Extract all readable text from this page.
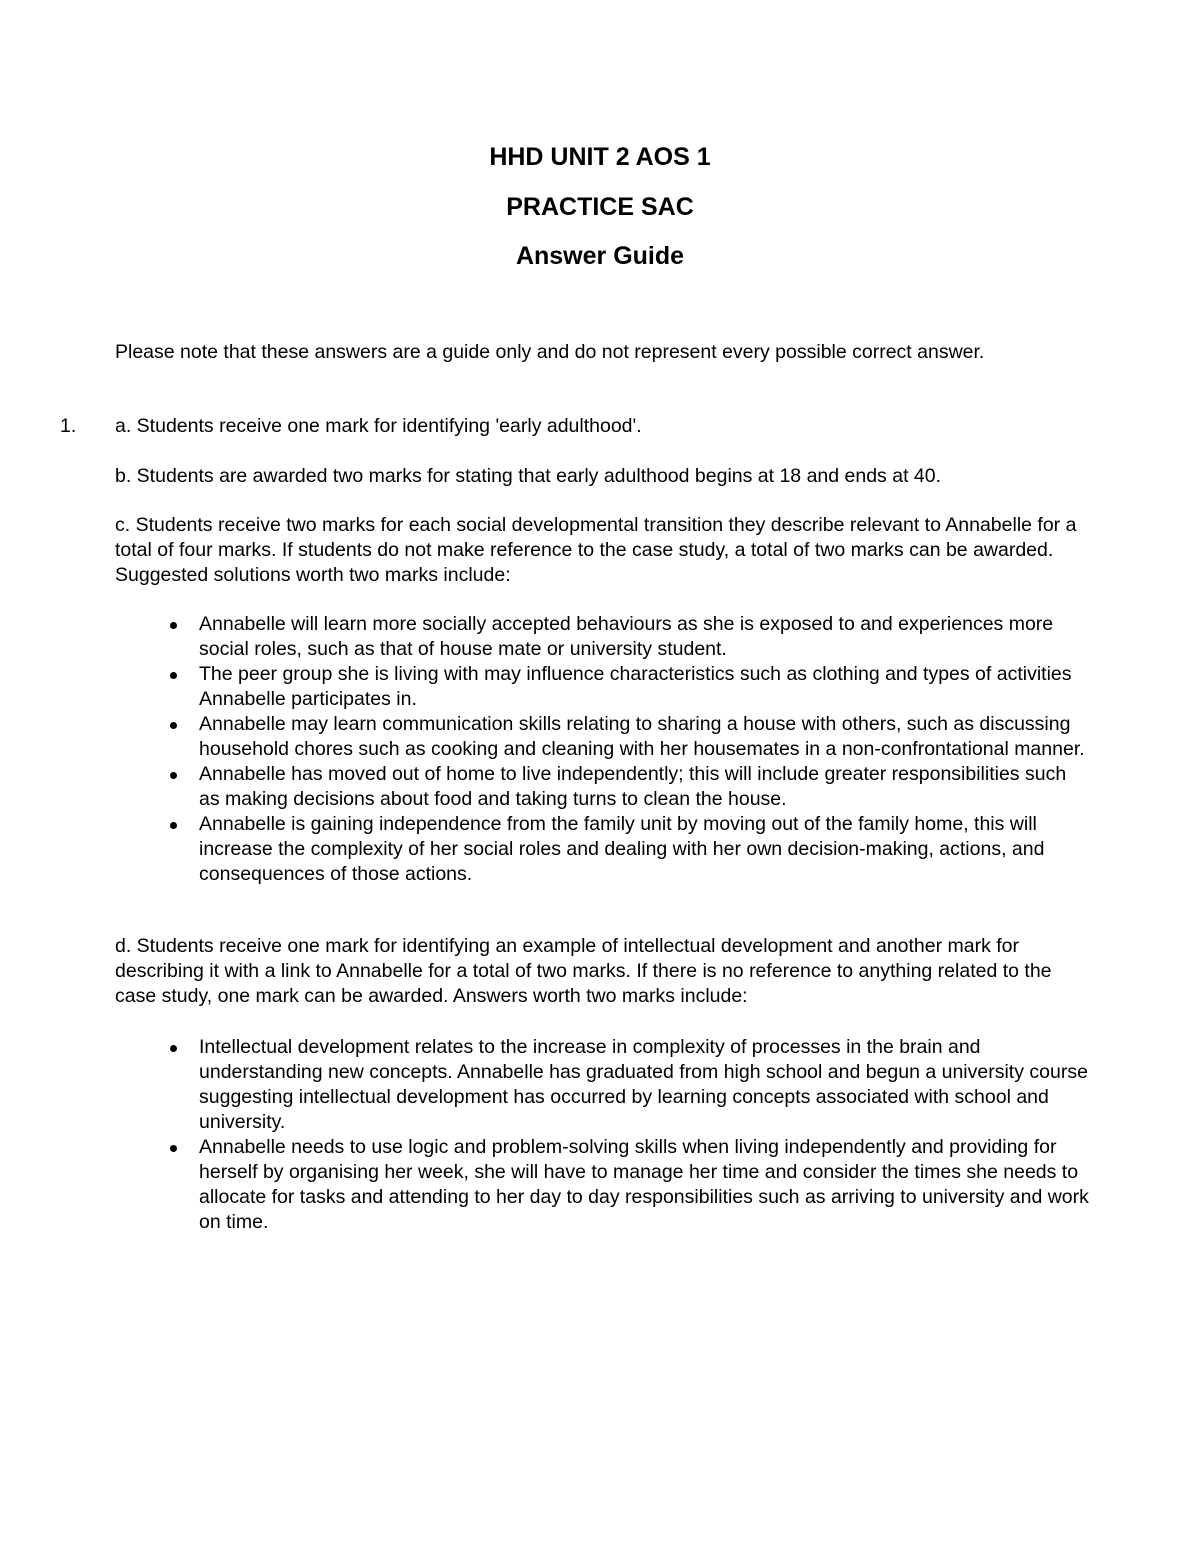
HHD UNIT 2 AOS 1
PRACTICE SAC
Answer Guide

Please note that these answers are a guide only and do not represent every possible correct answer.

1. a. Students receive one mark for identifying 'early adulthood'.

b. Students are awarded two marks for stating that early adulthood begins at 18 and ends at 40.

c. Students receive two marks for each social developmental transition they describe relevant to Annabelle for a total of four marks. If students do not make reference to the case study, a total of two marks can be awarded. Suggested solutions worth two marks include:

Annabelle will learn more socially accepted behaviours as she is exposed to and experiences more social roles, such as that of house mate or university student.
The peer group she is living with may influence characteristics such as clothing and types of activities Annabelle participates in.
Annabelle may learn communication skills relating to sharing a house with others, such as discussing household chores such as cooking and cleaning with her housemates in a non-confrontational manner.
Annabelle has moved out of home to live independently; this will include greater responsibilities such as making decisions about food and taking turns to clean the house.
Annabelle is gaining independence from the family unit by moving out of the family home, this will increase the complexity of her social roles and dealing with her own decision-making, actions, and consequences of those actions.

d. Students receive one mark for identifying an example of intellectual development and another mark for describing it with a link to Annabelle for a total of two marks. If there is no reference to anything related to the case study, one mark can be awarded. Answers worth two marks include:

Intellectual development relates to the increase in complexity of processes in the brain and understanding new concepts. Annabelle has graduated from high school and begun a university course suggesting intellectual development has occurred by learning concepts associated with school and university.
Annabelle needs to use logic and problem-solving skills when living independently and providing for herself by organising her week, she will have to manage her time and consider the times she needs to allocate for tasks and attending to her day to day responsibilities such as arriving to university and work on time.
